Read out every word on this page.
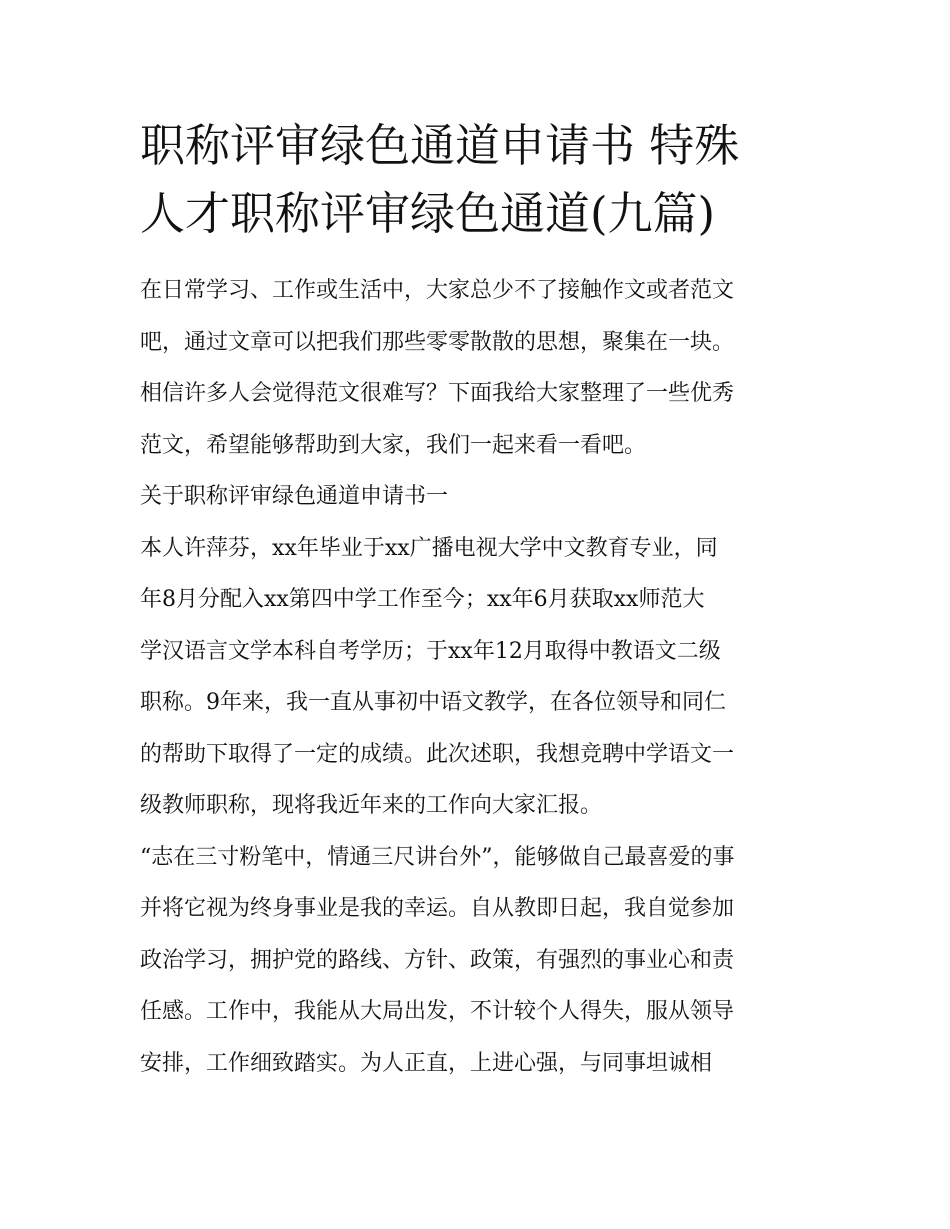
职称评审绿色通道申请书 特殊
人才职称评审绿色通道(九篇)

在日常学习、工作或生活中，大家总少不了接触作文或者范文
吧，通过文章可以把我们那些零零散散的思想，聚集在一块。
相信许多人会觉得范文很难写？下面我给大家整理了一些优秀
范文，希望能够帮助到大家，我们一起来看一看吧。

关于职称评审绿色通道申请书一

本人许萍芬，xx年毕业于xx广播电视大学中文教育专业，同
年8月分配入xx第四中学工作至今；xx年6月获取xx师范大
学汉语言文学本科自考学历；于xx年12月取得中教语文二级
职称。9年来，我一直从事初中语文教学，在各位领导和同仁
的帮助下取得了一定的成绩。此次述职，我想竞聘中学语文一
级教师职称，现将我近年来的工作向大家汇报。

“志在三寸粉笔中，情通三尺讲台外”，能够做自己最喜爱的事
并将它视为终身事业是我的幸运。自从教即日起，我自觉参加
政治学习，拥护党的路线、方针、政策，有强烈的事业心和责
任感。工作中，我能从大局出发，不计较个人得失，服从领导
安排，工作细致踏实。为人正直，上进心强，与同事坦诚相
